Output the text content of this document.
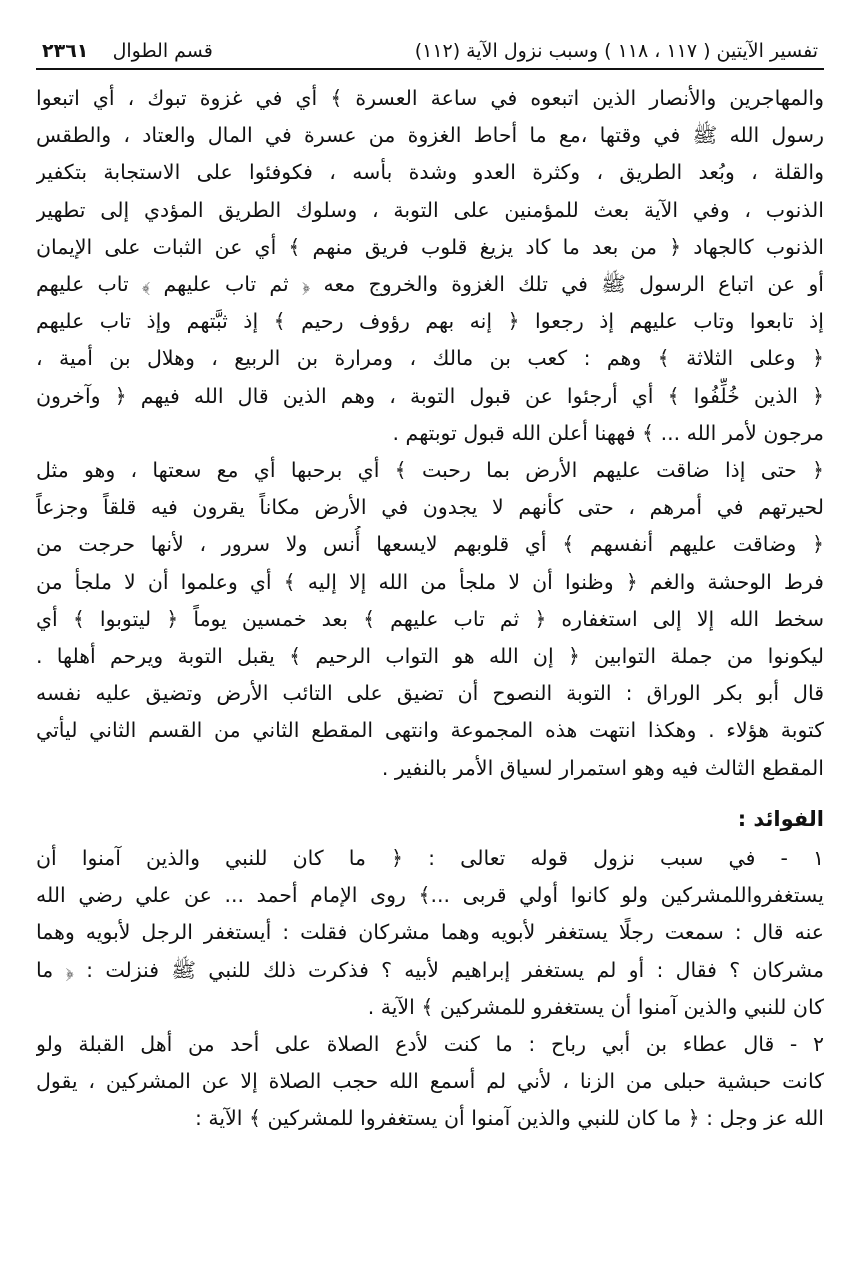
تفسير الآيتين ( ١١٧ ، ١١٨ ) وسبب نزول الآية (١١٢)
قسم الطوال    ٢٣٦١
والمهاجرين والأنصار الذين اتبعوه في ساعة العسرة ﴾ أي في غزوة تبوك ، أي اتبعوا
رسول الله ﷺ في وقتها ،مع ما أحاط الغزوة من عسرة في المال والعتاد ، والطقس
والقلة ، وبُعد الطريق ، وكثرة العدو وشدة بأسه ، فكوفئوا على الاستجابة بتكفير
الذنوب ، وفي الآية بعث للمؤمنين على التوبة ، وسلوك الطريق المؤدي إلى تطهير
الذنوب كالجهاد ﴿ من بعد ما كاد يزيغ قلوب فريق منهم ﴾ أي عن الثبات على الإيمان
أو عن اتباع الرسول ﷺ في تلك الغزوة والخروج معه ﴿ ثم تاب عليهم ﴾ تاب عليهم
إذ تابعوا وتاب عليهم إذ رجعوا ﴿ إنه بهم رؤوف رحيم ﴾ إذ ثبَّتهم وإذ تاب عليهم
﴿ وعلى الثلاثة ﴾ وهم : كعب بن مالك ، ومرارة بن الربيع ، وهلال بن أمية ،
﴿ الذين خُلِّفُوا ﴾ أي أرجئوا عن قبول التوبة ، وهم الذين قال الله فيهم ﴿ وآخرون
مرجون لأمر الله ... ﴾ فههنا أعلن الله قبول توبتهم .
﴿ حتى إذا ضاقت عليهم الأرض بما رحبت ﴾ أي برحبها أي مع سعتها ، وهو مثل
لحيرتهم في أمرهم ، حتى كأنهم لا يجدون في الأرض مكاناً يقرون فيه قلقاً وجزعاً
﴿ وضاقت عليهم أنفسهم ﴾ أي قلوبهم لايسعها أُنس ولا سرور ، لأنها حرجت من
فرط الوحشة والغم ﴿ وظنوا أن لا ملجأ من الله إلا إليه ﴾ أي وعلموا أن لا ملجأ من
سخط الله إلا إلى استغفاره ﴿ ثم تاب عليهم ﴾ بعد خمسين يوماً ﴿ ليتوبوا ﴾ أي
ليكونوا من جملة التوابين ﴿ إن الله هو التواب الرحيم ﴾ يقبل التوبة ويرحم أهلها .
قال أبو بكر الوراق : التوبة النصوح أن تضيق على التائب الأرض وتضيق عليه نفسه
كتوبة هؤلاء . وهكذا انتهت هذه المجموعة وانتهى المقطع الثاني من القسم الثاني ليأتي
المقطع الثالث فيه وهو استمرار لسياق الأمر بالنفير .
الفوائد :
١ - في سبب نزول قوله تعالى : ﴿ ما كان للنبي والذين آمنوا أن
يستغفرواللمشركين ولو كانوا أولي قربى ...﴾ روى الإمام أحمد ... عن علي رضي الله
عنه قال : سمعت رجلًا يستغفر لأبويه وهما مشركان فقلت : أيستغفر الرجل لأبويه وهما
مشركان ؟ فقال : أو لم يستغفر إبراهيم لأبيه ؟ فذكرت ذلك للنبي ﷺ فنزلت : ﴿ ما
كان للنبي والذين آمنوا أن يستغفرو للمشركين ﴾ الآية .
٢ - قال عطاء بن أبي رباح : ما كنت لأدع الصلاة على أحد من أهل القبلة ولو
كانت حبشية حبلى من الزنا ، لأني لم أسمع الله حجب الصلاة إلا عن المشركين ، يقول
الله عز وجل : ﴿ ما كان للنبي والذين آمنوا أن يستغفروا للمشركين ﴾ الآية :
